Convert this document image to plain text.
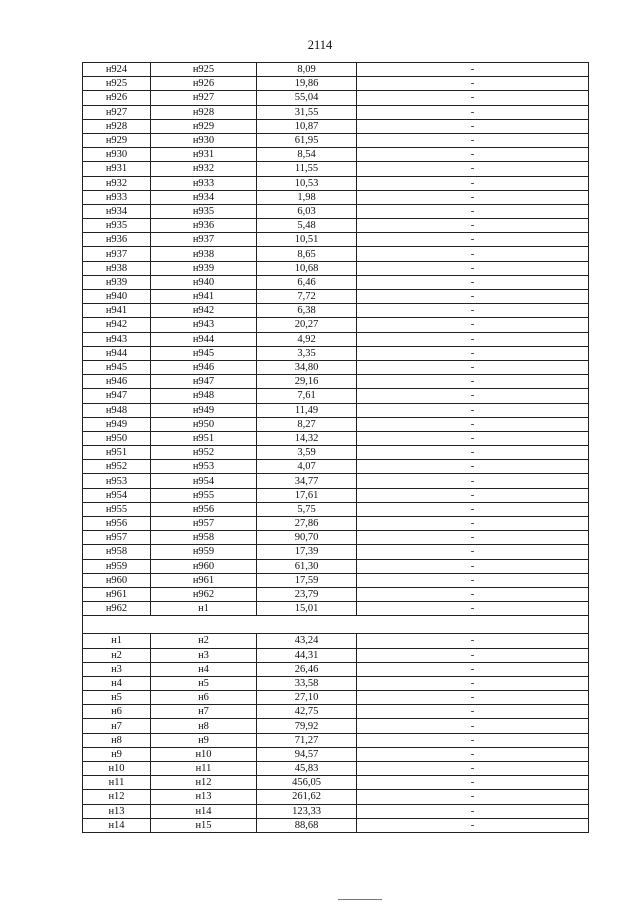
2114
н924	н925	8,09	-
н925	н926	19,86	-
н926	н927	55,04	-
н927	н928	31,55	-
н928	н929	10,87	-
н929	н930	61,95	-
н930	н931	8,54	-
н931	н932	11,55	-
н932	н933	10,53	-
н933	н934	1,98	-
н934	н935	6,03	-
н935	н936	5,48	-
н936	н937	10,51	-
н937	н938	8,65	-
н938	н939	10,68	-
н939	н940	6,46	-
н940	н941	7,72	-
н941	н942	6,38	-
н942	н943	20,27	-
н943	н944	4,92	-
н944	н945	3,35	-
н945	н946	34,80	-
н946	н947	29,16	-
н947	н948	7,61	-
н948	н949	11,49	-
н949	н950	8,27	-
н950	н951	14,32	-
н951	н952	3,59	-
н952	н953	4,07	-
н953	н954	34,77	-
н954	н955	17,61	-
н955	н956	5,75	-
н956	н957	27,86	-
н957	н958	90,70	-
н958	н959	17,39	-
н959	н960	61,30	-
н960	н961	17,59	-
н961	н962	23,79	-
н962	н1	15,01	-

н1	н2	43,24	-
н2	н3	44,31	-
н3	н4	26,46	-
н4	н5	33,58	-
н5	н6	27,10	-
н6	н7	42,75	-
н7	н8	79,92	-
н8	н9	71,27	-
н9	н10	94,57	-
н10	н11	45,83	-
н11	н12	456,05	-
н12	н13	261,62	-
н13	н14	123,33	-
н14	н15	88,68	-
